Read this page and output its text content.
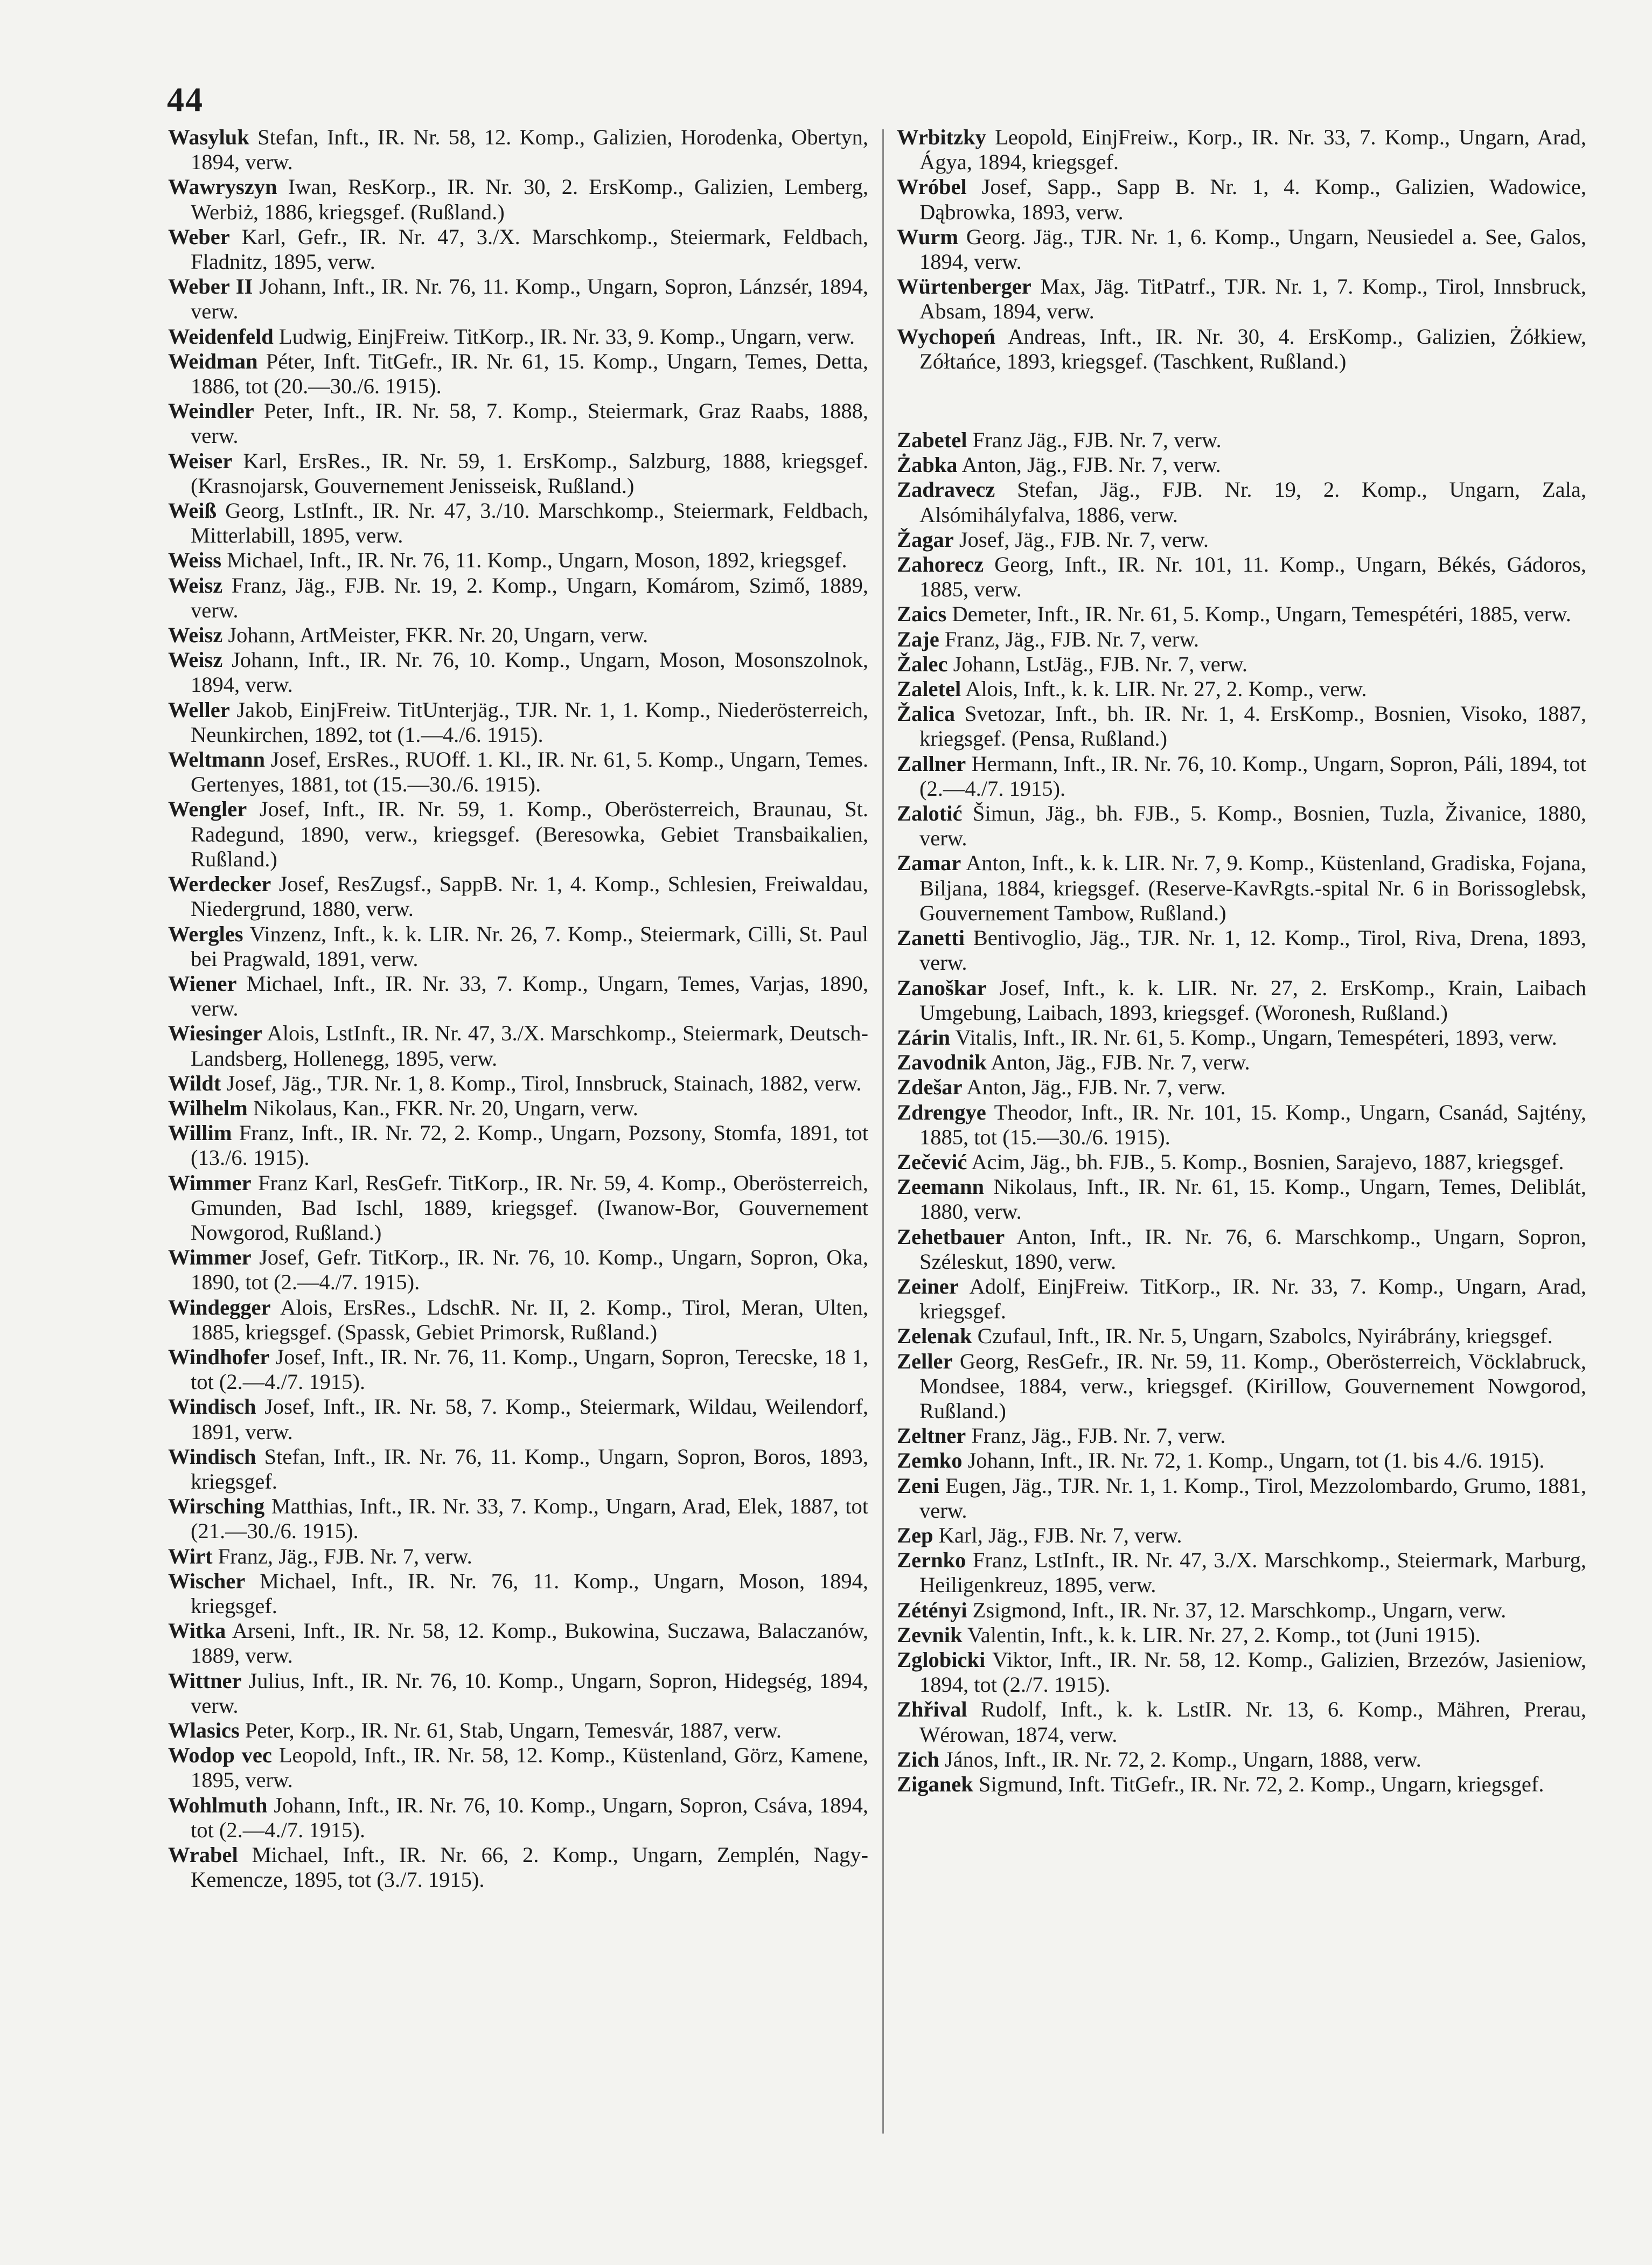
44
Wasyluk Stefan, Inft., IR. Nr. 58, 12. Komp., Galizien, Horodenka, Obertyn, 1894, verw.
Wawryszyn Iwan, ResKorp., IR. Nr. 30, 2. ErsKomp., Galizien, Lemberg, Werbiż, 1886, kriegsgef. (Rußland.)
Weber Karl, Gefr., IR. Nr. 47, 3./X. Marschkomp., Steiermark, Feldbach, Fladnitz, 1895, verw.
Weber II Johann, Inft., IR. Nr. 76, 11. Komp., Ungarn, Sopron, Lánzsér, 1894, verw.
Weidenfeld Ludwig, EinjFreiw. TitKorp., IR. Nr. 33, 9. Komp., Ungarn, verw.
Weidman Péter, Inft. TitGefr., IR. Nr. 61, 15. Komp., Ungarn, Temes, Detta, 1886, tot (20.—30./6. 1915).
Weindler Peter, Inft., IR. Nr. 58, 7. Komp., Steiermark, Graz Raabs, 1888, verw.
Weiser Karl, ErsRes., IR. Nr. 59, 1. ErsKomp., Salzburg, 1888, kriegsgef. (Krasnojarsk, Gouvernement Jenisseisk, Rußland.)
Weiß Georg, LstInft., IR. Nr. 47, 3./10. Marschkomp., Steiermark, Feldbach, Mitterlabill, 1895, verw.
Weiss Michael, Inft., IR. Nr. 76, 11. Komp., Ungarn, Moson, 1892, kriegsgef.
Weisz Franz, Jäg., FJB. Nr. 19, 2. Komp., Ungarn, Komárom, Szimő, 1889, verw.
Weisz Johann, ArtMeister, FKR. Nr. 20, Ungarn, verw.
Weisz Johann, Inft., IR. Nr. 76, 10. Komp., Ungarn, Moson, Mosonszolnok, 1894, verw.
Weller Jakob, EinjFreiw. TitUnterjäg., TJR. Nr. 1, 1. Komp., Niederösterreich, Neunkirchen, 1892, tot (1.—4./6. 1915).
Weltmann Josef, ErsRes., RUOff. 1. Kl., IR. Nr. 61, 5. Komp., Ungarn, Temes. Gertenyes, 1881, tot (15.—30./6. 1915).
Wengler Josef, Inft., IR. Nr. 59, 1. Komp., Oberösterreich, Braunau, St. Radegund, 1890, verw., kriegsgef. (Beresowka, Gebiet Transbaikalien, Rußland.)
Werdecker Josef, ResZugsf., SappB. Nr. 1, 4. Komp., Schlesien, Freiwaldau, Niedergrund, 1880, verw.
Wergles Vinzenz, Inft., k. k. LIR. Nr. 26, 7. Komp., Steiermark, Cilli, St. Paul bei Pragwald, 1891, verw.
Wiener Michael, Inft., IR. Nr. 33, 7. Komp., Ungarn, Temes, Varjas, 1890, verw.
Wiesinger Alois, LstInft., IR. Nr. 47, 3./X. Marschkomp., Steiermark, Deutsch-Landsberg, Hollenegg, 1895, verw.
Wildt Josef, Jäg., TJR. Nr. 1, 8. Komp., Tirol, Innsbruck, Stainach, 1882, verw.
Wilhelm Nikolaus, Kan., FKR. Nr. 20, Ungarn, verw.
Willim Franz, Inft., IR. Nr. 72, 2. Komp., Ungarn, Pozsony, Stomfa, 1891, tot (13./6. 1915).
Wimmer Franz Karl, ResGefr. TitKorp., IR. Nr. 59, 4. Komp., Oberösterreich, Gmunden, Bad Ischl, 1889, kriegsgef. (Iwanow-Bor, Gouvernement Nowgorod, Rußland.)
Wimmer Josef, Gefr. TitKorp., IR. Nr. 76, 10. Komp., Ungarn, Sopron, Oka, 1890, tot (2.—4./7. 1915).
Windegger Alois, ErsRes., LdschR. Nr. II, 2. Komp., Tirol, Meran, Ulten, 1885, kriegsgef. (Spassk, Gebiet Primorsk, Rußland.)
Windhofer Josef, Inft., IR. Nr. 76, 11. Komp., Ungarn, Sopron, Terecske, 18 1, tot (2.—4./7. 1915).
Windisch Josef, Inft., IR. Nr. 58, 7. Komp., Steiermark, Wildau, Weilendorf, 1891, verw.
Windisch Stefan, Inft., IR. Nr. 76, 11. Komp., Ungarn, Sopron, Boros, 1893, kriegsgef.
Wirsching Matthias, Inft., IR. Nr. 33, 7. Komp., Ungarn, Arad, Elek, 1887, tot (21.—30./6. 1915).
Wirt Franz, Jäg., FJB. Nr. 7, verw.
Wischer Michael, Inft., IR. Nr. 76, 11. Komp., Ungarn, Moson, 1894, kriegsgef.
Witka Arseni, Inft., IR. Nr. 58, 12. Komp., Bukowina, Suczawa, Balaczanów, 1889, verw.
Wittner Julius, Inft., IR. Nr. 76, 10. Komp., Ungarn, Sopron, Hidegség, 1894, verw.
Wlasics Peter, Korp., IR. Nr. 61, Stab, Ungarn, Temesvár, 1887, verw.
Wodop vec Leopold, Inft., IR. Nr. 58, 12. Komp., Küstenland, Görz, Kamene, 1895, verw.
Wohlmuth Johann, Inft., IR. Nr. 76, 10. Komp., Ungarn, Sopron, Csáva, 1894, tot (2.—4./7. 1915).
Wrabel Michael, Inft., IR. Nr. 66, 2. Komp., Ungarn, Zemplén, Nagy-Kemencze, 1895, tot (3./7. 1915).
Wrbitzky Leopold, EinjFreiw., Korp., IR. Nr. 33, 7. Komp., Ungarn, Arad, Ágya, 1894, kriegsgef.
Wróbel Josef, Sapp., Sapp B. Nr. 1, 4. Komp., Galizien, Wadowice, Dąbrowka, 1893, verw.
Wurm Georg. Jäg., TJR. Nr. 1, 6. Komp., Ungarn, Neusiedel a. See, Galos, 1894, verw.
Würtenberger Max, Jäg. TitPatrf., TJR. Nr. 1, 7. Komp., Tirol, Innsbruck, Absam, 1894, verw.
Wychopeń Andreas, Inft., IR. Nr. 30, 4. ErsKomp., Galizien, Żółkiew, Zółtańce, 1893, kriegsgef. (Taschkent, Rußland.)
Zabetel Franz Jäg., FJB. Nr. 7, verw.
Żabka Anton, Jäg., FJB. Nr. 7, verw.
Zadravecz Stefan, Jäg., FJB. Nr. 19, 2. Komp., Ungarn, Zala, Alsómihályfalva, 1886, verw.
Žagar Josef, Jäg., FJB. Nr. 7, verw.
Zahorecz Georg, Inft., IR. Nr. 101, 11. Komp., Ungarn, Békés, Gádoros, 1885, verw.
Zaics Demeter, Inft., IR. Nr. 61, 5. Komp., Ungarn, Temespétéri, 1885, verw.
Zaje Franz, Jäg., FJB. Nr. 7, verw.
Žalec Johann, LstJäg., FJB. Nr. 7, verw.
Zaletel Alois, Inft., k. k. LIR. Nr. 27, 2. Komp., verw.
Žalica Svetozar, Inft., bh. IR. Nr. 1, 4. ErsKomp., Bosnien, Visoko, 1887, kriegsgef. (Pensa, Rußland.)
Zallner Hermann, Inft., IR. Nr. 76, 10. Komp., Ungarn, Sopron, Páli, 1894, tot (2.—4./7. 1915).
Zalotić Šimun, Jäg., bh. FJB., 5. Komp., Bosnien, Tuzla, Živanice, 1880, verw.
Zamar Anton, Inft., k. k. LIR. Nr. 7, 9. Komp., Küstenland, Gradiska, Fojana, Biljana, 1884, kriegsgef. (Reserve-KavRgts.-spital Nr. 6 in Borissoglebsk, Gouvernement Tambow, Rußland.)
Zanetti Bentivoglio, Jäg., TJR. Nr. 1, 12. Komp., Tirol, Riva, Drena, 1893, verw.
Zanoškar Josef, Inft., k. k. LIR. Nr. 27, 2. ErsKomp., Krain, Laibach Umgebung, Laibach, 1893, kriegsgef. (Woronesh, Rußland.)
Zárin Vitalis, Inft., IR. Nr. 61, 5. Komp., Ungarn, Temespéteri, 1893, verw.
Zavodnik Anton, Jäg., FJB. Nr. 7, verw.
Zdešar Anton, Jäg., FJB. Nr. 7, verw.
Zdrengye Theodor, Inft., IR. Nr. 101, 15. Komp., Ungarn, Csanád, Sajtény, 1885, tot (15.—30./6. 1915).
Zečević Acim, Jäg., bh. FJB., 5. Komp., Bosnien, Sarajevo, 1887, kriegsgef.
Zeemann Nikolaus, Inft., IR. Nr. 61, 15. Komp., Ungarn, Temes, Deliblát, 1880, verw.
Zehetbauer Anton, Inft., IR. Nr. 76, 6. Marschkomp., Ungarn, Sopron, Széleskut, 1890, verw.
Zeiner Adolf, EinjFreiw. TitKorp., IR. Nr. 33, 7. Komp., Ungarn, Arad, kriegsgef.
Zelenak Czufaul, Inft., IR. Nr. 5, Ungarn, Szabolcs, Nyirábrány, kriegsgef.
Zeller Georg, ResGefr., IR. Nr. 59, 11. Komp., Oberösterreich, Vöcklabruck, Mondsee, 1884, verw., kriegsgef. (Kirillow, Gouvernement Nowgorod, Rußland.)
Zeltner Franz, Jäg., FJB. Nr. 7, verw.
Zemko Johann, Inft., IR. Nr. 72, 1. Komp., Ungarn, tot (1. bis 4./6. 1915).
Zeni Eugen, Jäg., TJR. Nr. 1, 1. Komp., Tirol, Mezzolombardo, Grumo, 1881, verw.
Zep Karl, Jäg., FJB. Nr. 7, verw.
Zernko Franz, LstInft., IR. Nr. 47, 3./X. Marschkomp., Steiermark, Marburg, Heiligenkreuz, 1895, verw.
Zétényi Zsigmond, Inft., IR. Nr. 37, 12. Marschkomp., Ungarn, verw.
Zevnik Valentin, Inft., k. k. LIR. Nr. 27, 2. Komp., tot (Juni 1915).
Zglobicki Viktor, Inft., IR. Nr. 58, 12. Komp., Galizien, Brzezów, Jasieniow, 1894, tot (2./7. 1915).
Zhřival Rudolf, Inft., k. k. LstIR. Nr. 13, 6. Komp., Mähren, Prerau, Wérowan, 1874, verw.
Zich János, Inft., IR. Nr. 72, 2. Komp., Ungarn, 1888, verw.
Ziganek Sigmund, Inft. TitGefr., IR. Nr. 72, 2. Komp., Ungarn, kriegsgef.
